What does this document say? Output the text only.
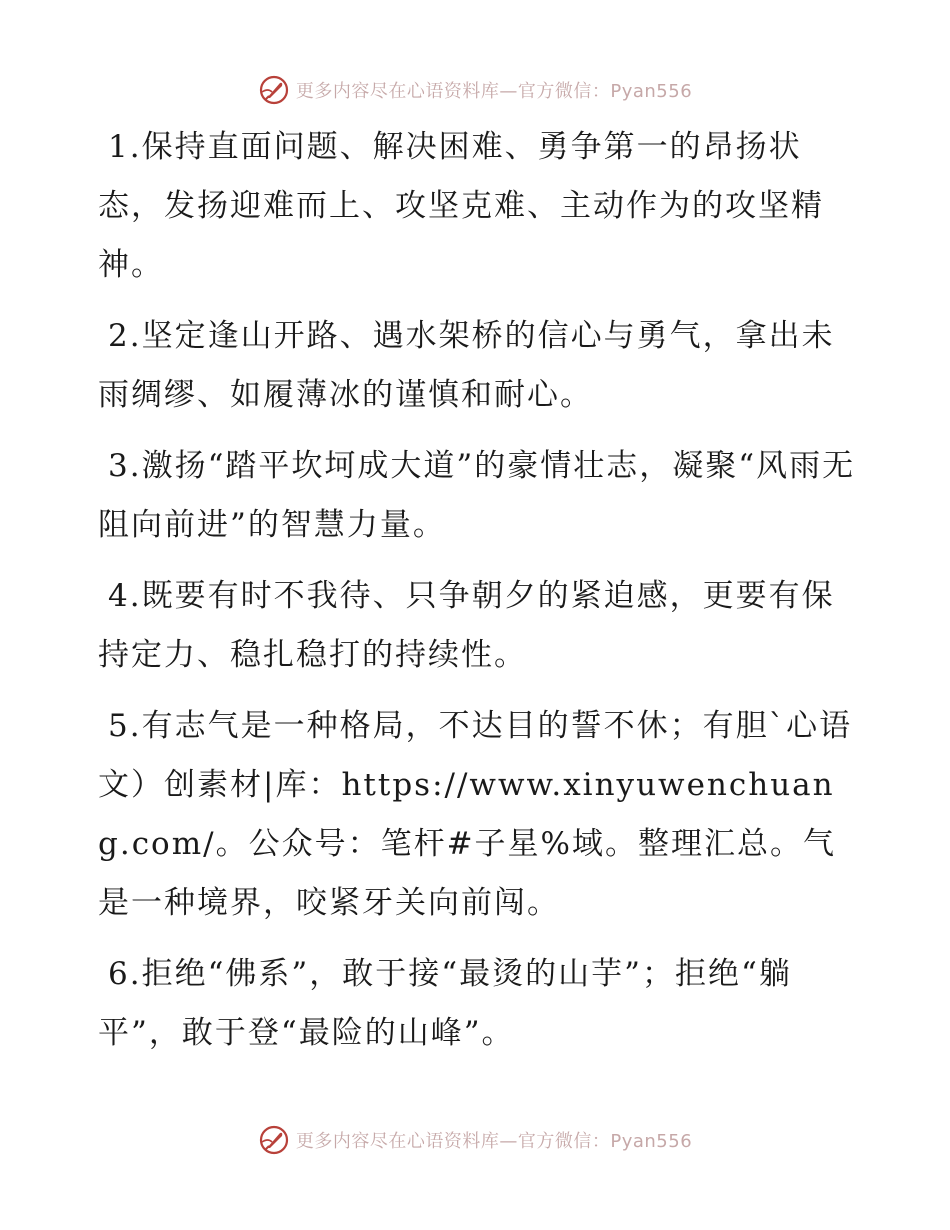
更多内容尽在心语资料库—官方微信：Pyan556

1.保持直面问题、解决困难、勇争第一的昂扬状态，发扬迎难而上、攻坚克难、主动作为的攻坚精神。

2.坚定逢山开路、遇水架桥的信心与勇气，拿出未雨绸缪、如履薄冰的谨慎和耐心。

3.激扬“踏平坎坷成大道”的豪情壮志，凝聚“风雨无阻向前进”的智慧力量。

4.既要有时不我待、只争朝夕的紧迫感，更要有保持定力、稳扎稳打的持续性。

5.有志气是一种格局，不达目的誓不休；有胆`心语文）创素材|库：https://www.xinyuwenchuang.com/。公众号：笔杆#子星%域。整理汇总。气是一种境界，咬紧牙关向前闯。

6.拒绝“佛系”，敢于接“最烫的山芋”；拒绝“躺平”，敢于登“最险的山峰”。

更多内容尽在心语资料库—官方微信：Pyan556
